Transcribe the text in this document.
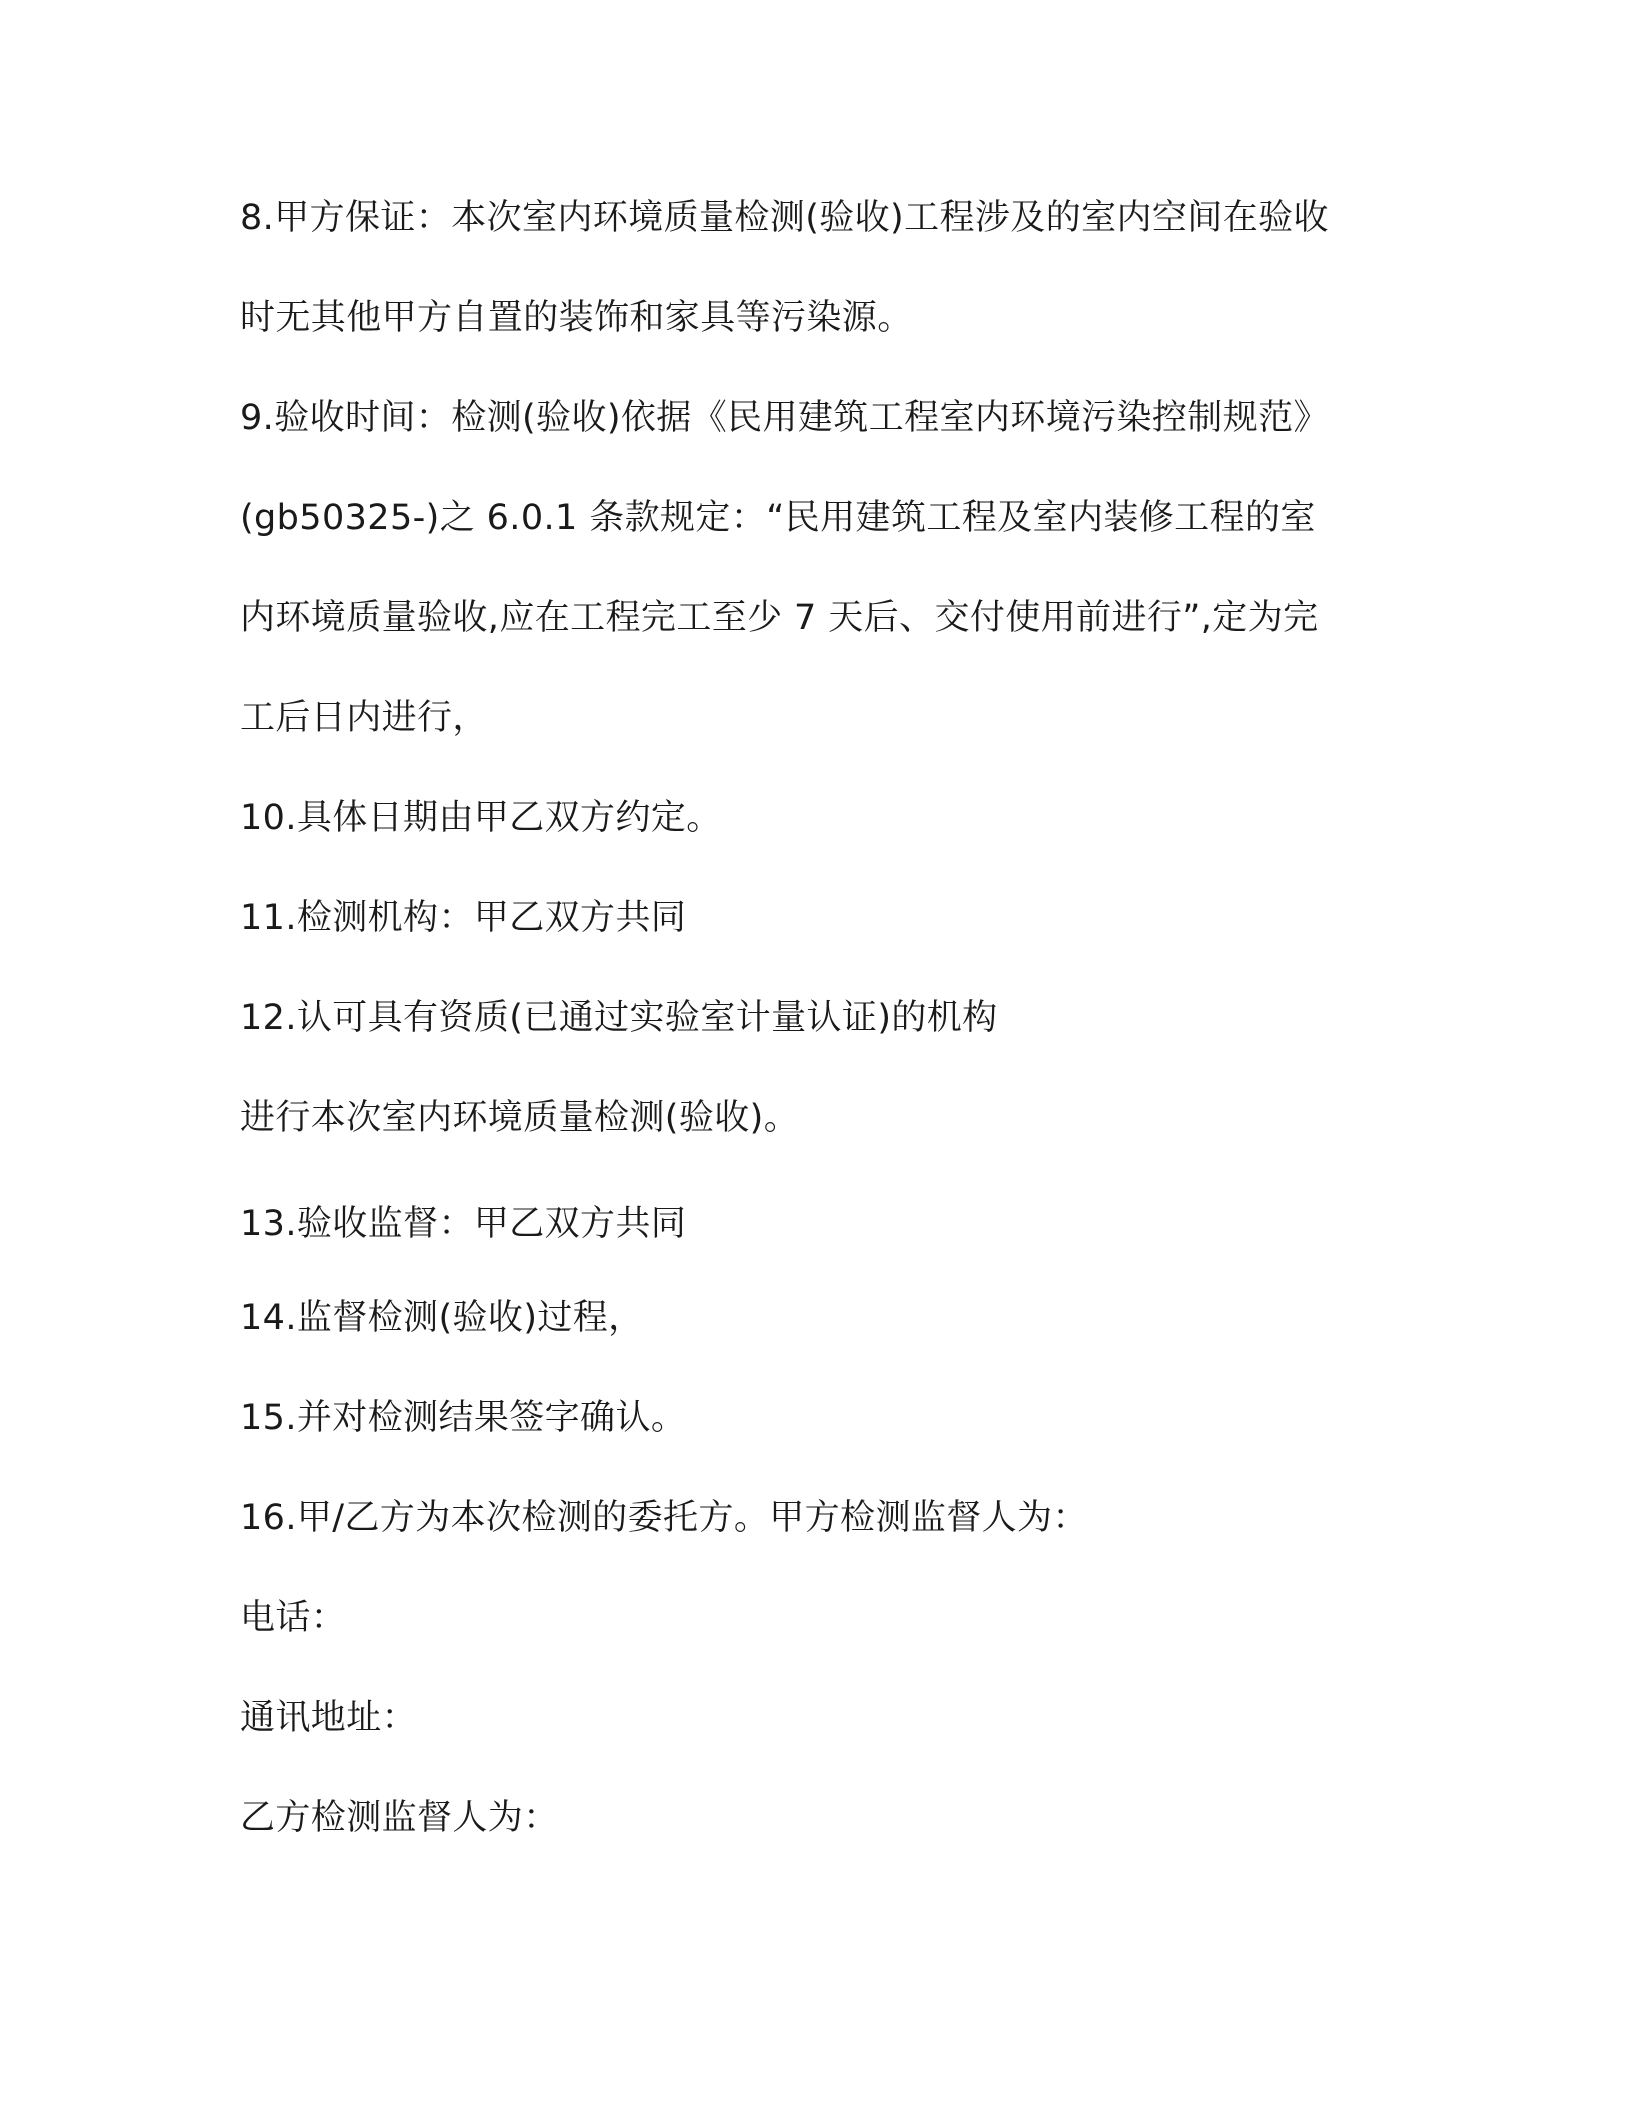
8.甲方保证：本次室内环境质量检测(验收)工程涉及的室内空间在验收
时无其他甲方自置的装饰和家具等污染源。
9.验收时间：检测(验收)依据《民用建筑工程室内环境污染控制规范》
(gb50325-)之 6.0.1 条款规定：“民用建筑工程及室内装修工程的室
内环境质量验收,应在工程完工至少 7 天后、交付使用前进行”,定为完
工后日内进行，
10.具体日期由甲乙双方约定。
11.检测机构：甲乙双方共同
12.认可具有资质(已通过实验室计量认证)的机构
进行本次室内环境质量检测(验收)。
13.验收监督：甲乙双方共同
14.监督检测(验收)过程，
15.并对检测结果签字确认。
16.甲/乙方为本次检测的委托方。甲方检测监督人为：
电话：
通讯地址：
乙方检测监督人为：
